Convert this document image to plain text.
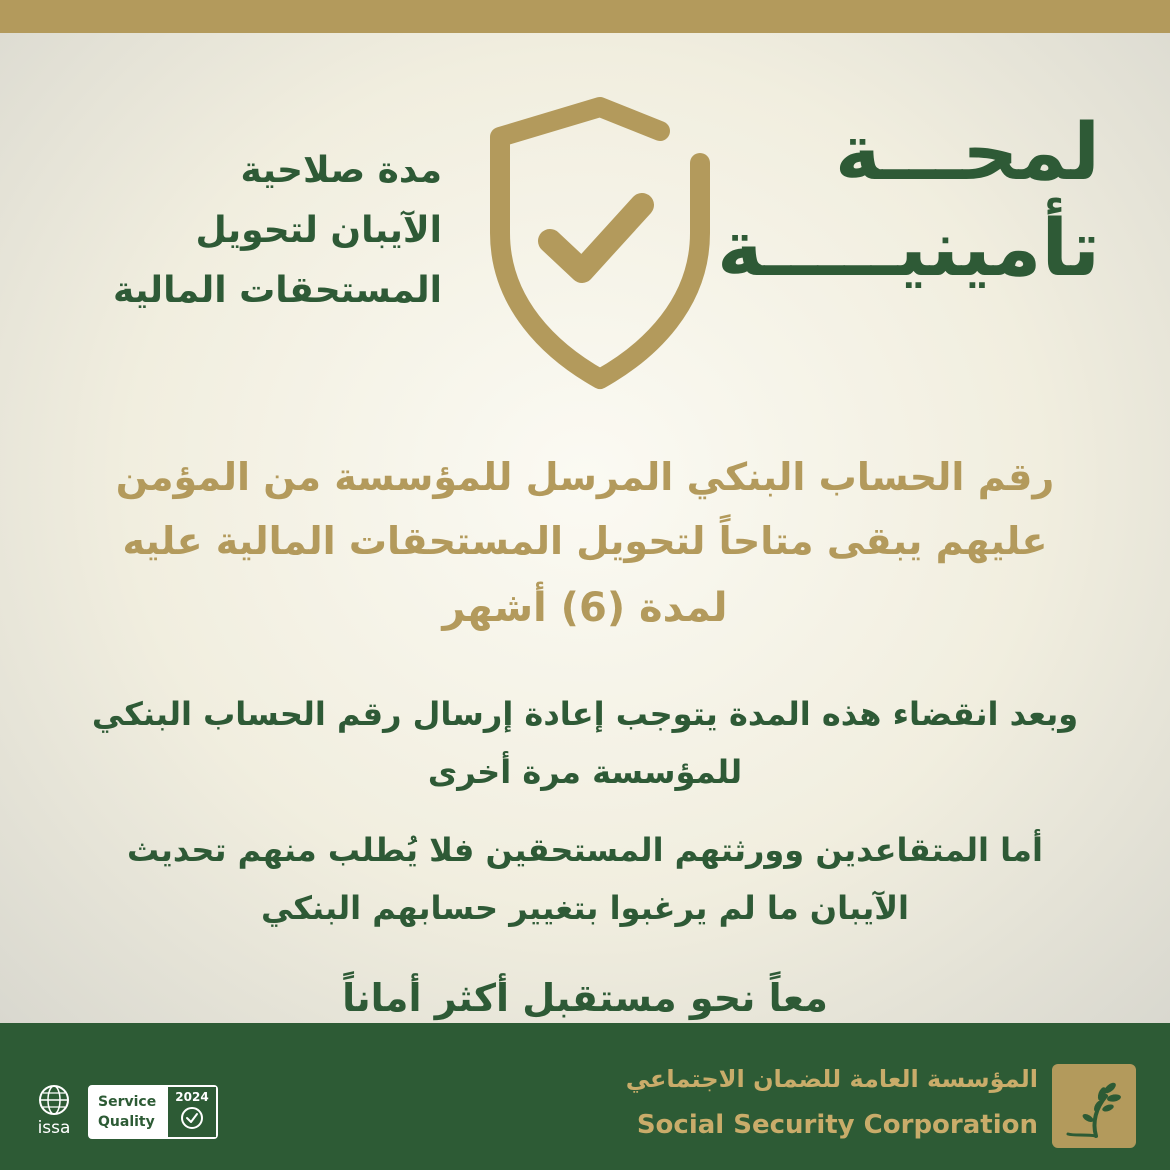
لمحـــة
تأمينيـــــة
مدة صلاحية
الآيبان لتحويل
المستحقات المالية
رقم الحساب البنكي المرسل للمؤسسة من المؤمن
عليهم يبقى متاحاً لتحويل المستحقات المالية عليه
لمدة (6) أشهر
وبعد انقضاء هذه المدة يتوجب إعادة إرسال رقم الحساب البنكي
للمؤسسة مرة أخرى
أما المتقاعدين وورثتهم المستحقين فلا يُطلب منهم تحديث
الآيبان ما لم يرغبوا بتغيير حسابهم البنكي
معاً نحو مستقبل أكثر أماناً
issa
Service
Quality
2024
المؤسسة العامة للضمان الاجتماعي
Social Security Corporation
